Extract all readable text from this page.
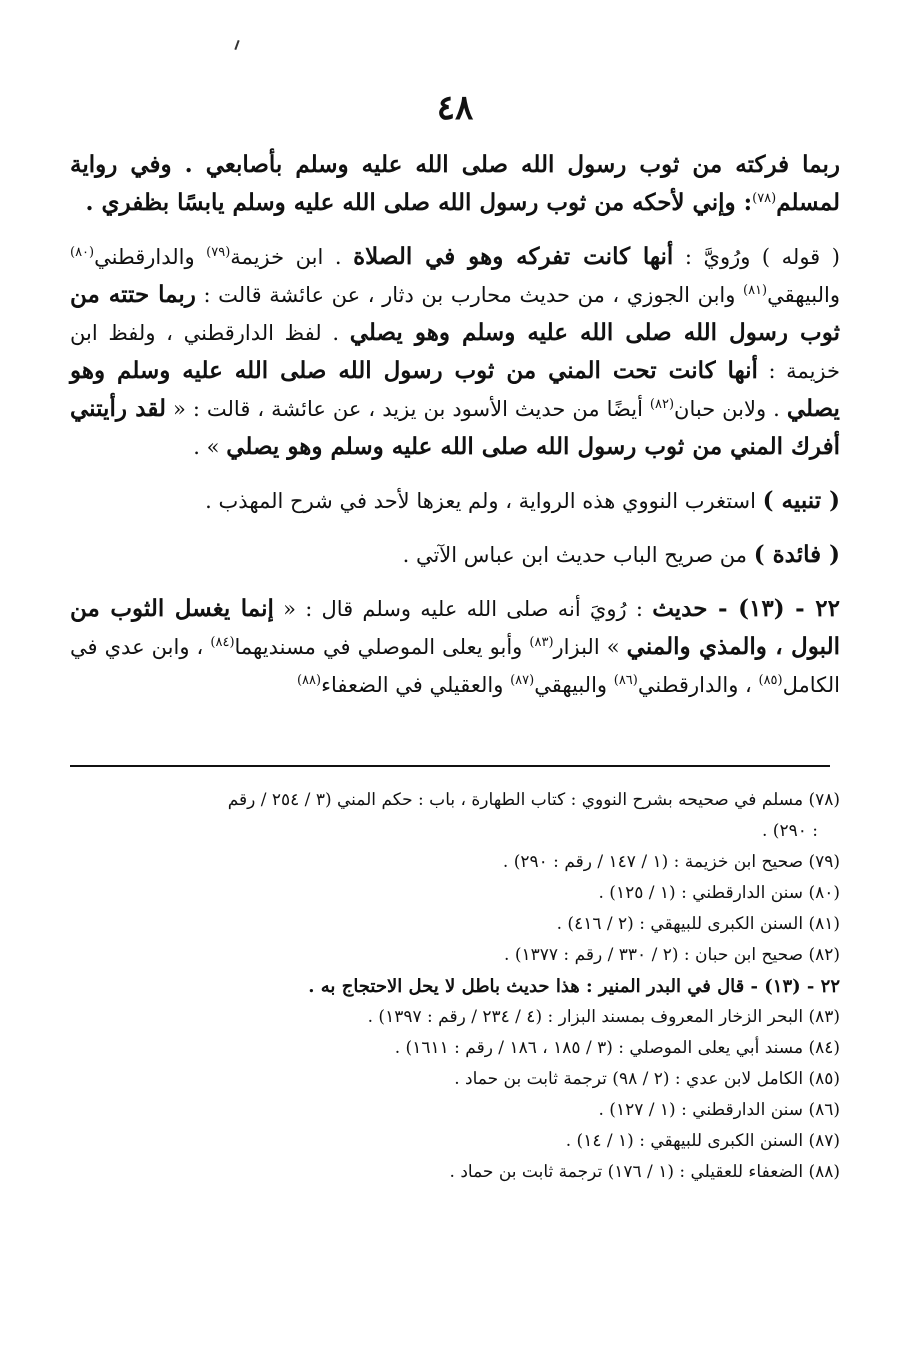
٤٨

ربما فركته من ثوب رسول الله صلى الله عليه وسلم بأصابعي . وفي رواية لمسلم$^{(٧٨)}$: وإني لأحكه من ثوب رسول الله صلى الله عليه وسلم يابسًا بظفري .

( قوله ) ورُويَّ : أنها كانت تفركه وهو في الصلاة . ابن خزيمة$^{(٧٩)}$ والدارقطني$^{(٨٠)}$ والبيهقي$^{(٨١)}$ وابن الجوزي ، من حديث محارب بن دثار ، عن عائشة قالت : ربما حتته من ثوب رسول الله صلى الله عليه وسلم وهو يصلي . لفظ الدارقطني ، ولفظ ابن خزيمة : أنها كانت تحت المني من ثوب رسول الله صلى الله عليه وسلم وهو يصلي . ولابن حبان$^{(٨٢)}$ أيضًا من حديث الأسود بن يزيد ، عن عائشة ، قالت : « لقد رأيتني أفرك المني من ثوب رسول الله صلى الله عليه وسلم وهو يصلي » .

( تنبيه ) استغرب النووي هذه الرواية ، ولم يعزها لأحد في شرح المهذب .

( فائدة ) من صريح الباب حديث ابن عباس الآتي .

٢٢ - (١٣) - حديث : رُويَ أنه صلى الله عليه وسلم قال : « إنما يغسل الثوب من البول ، والمذي والمني » البزار$^{(٨٣)}$ وأبو يعلى الموصلي في مسنديهما$^{(٨٤)}$ ، وابن عدي في الكامل$^{(٨٥)}$ ، والدارقطني$^{(٨٦)}$ والبيهقي$^{(٨٧)}$ والعقيلي في الضعفاء$^{(٨٨)}$

(٧٨) مسلم في صحيحه بشرح النووي : كتاب الطهارة ، باب : حكم المني (٣ / ٢٥٤ / رقم
: ٢٩٠) .
(٧٩) صحيح ابن خزيمة : (١ / ١٤٧ / رقم : ٢٩٠) .
(٨٠) سنن الدارقطني : (١ / ١٢٥) .
(٨١) السنن الكبرى للبيهقي : (٢ / ٤١٦) .
(٨٢) صحيح ابن حبان : (٢ / ٣٣٠ / رقم : ١٣٧٧) .
٢٢ - (١٣) - قال في البدر المنير : هذا حديث باطل لا يحل الاحتجاج به .
(٨٣) البحر الزخار المعروف بمسند البزار : (٤ / ٢٣٤ / رقم : ١٣٩٧) .
(٨٤) مسند أبي يعلى الموصلي : (٣ / ١٨٥ ، ١٨٦ / رقم : ١٦١١) .
(٨٥) الكامل لابن عدي : (٢ / ٩٨) ترجمة ثابت بن حماد .
(٨٦) سنن الدارقطني : (١ / ١٢٧) .
(٨٧) السنن الكبرى للبيهقي : (١ / ١٤) .
(٨٨) الضعفاء للعقيلي : (١ / ١٧٦) ترجمة ثابت بن حماد .
